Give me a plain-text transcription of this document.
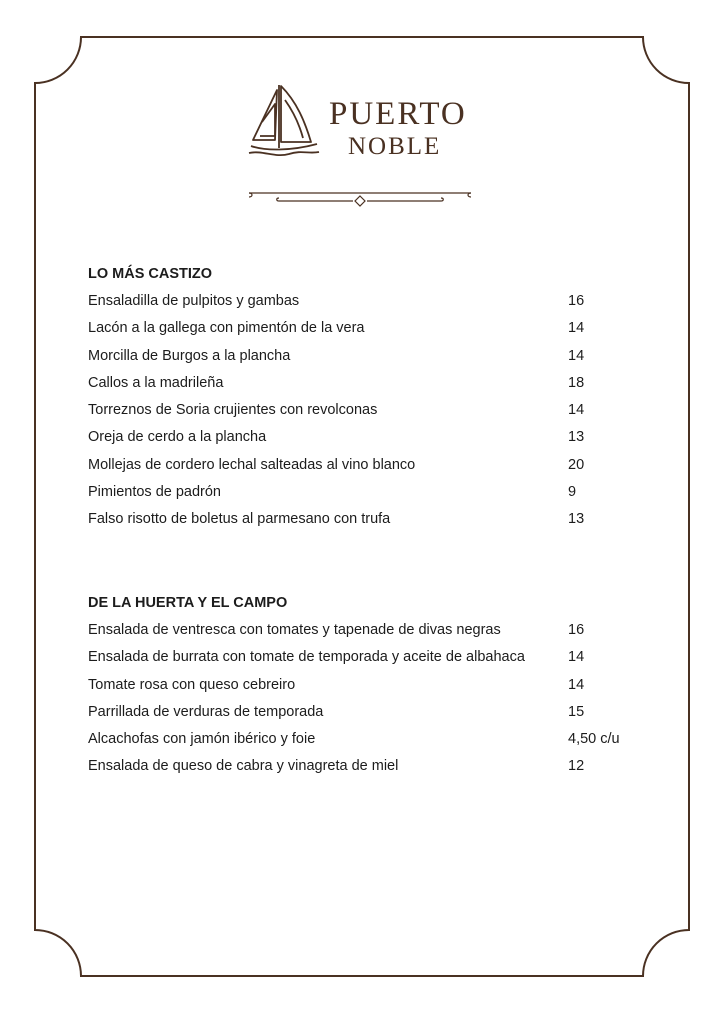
PUERTO
NOBLE
LO MÁS CASTIZO
Ensaladilla de pulpitos y gambas	16
Lacón a la gallega con pimentón de la vera	14
Morcilla de Burgos a la plancha	14
Callos a la madrileña	18
Torreznos de Soria crujientes con revolconas	14
Oreja de cerdo a la plancha	13
Mollejas de cordero lechal salteadas al vino blanco	20
Pimientos de padrón	9
Falso risotto de boletus al parmesano con trufa	13
DE LA HUERTA Y EL CAMPO
Ensalada de ventresca con tomates y tapenade de divas negras	16
Ensalada de burrata con tomate de temporada y aceite de albahaca	14
Tomate rosa con queso cebreiro	14
Parrillada de verduras de temporada	15
Alcachofas con jamón ibérico y foie	4,50 c/u
Ensalada de queso de cabra y vinagreta de miel	12
